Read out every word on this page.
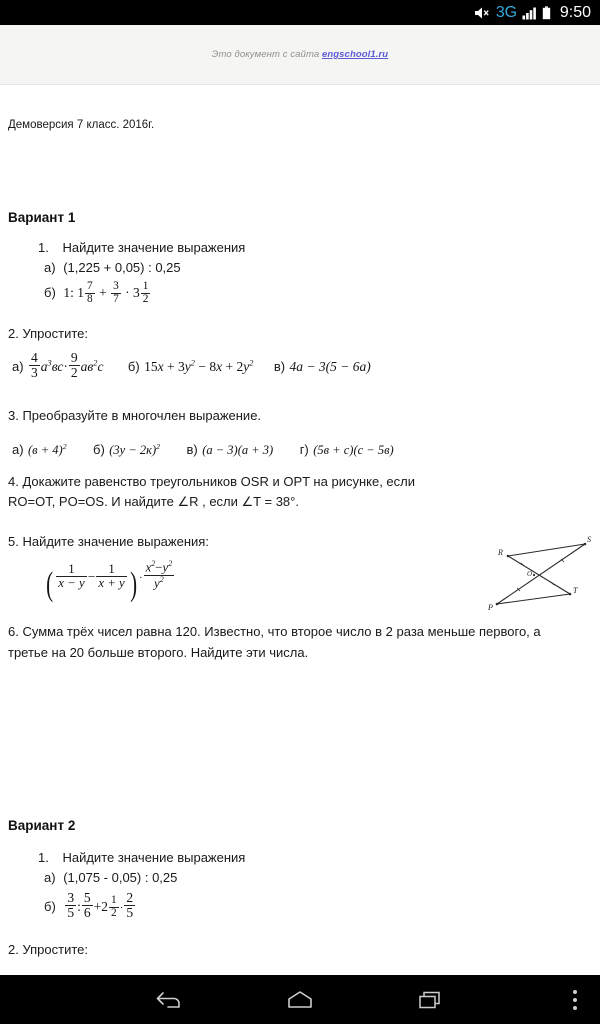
3G	9:50
Это документ с сайта engschool1.ru
Демоверсия 7 класс. 2016г.
Вариант 1
1. Найдите значение выражения
а) (1,225 + 0,05) : 0,25
б) 1: $1 \frac{7}{8} + \frac{3}{7} \cdot 3 \frac{1}{2}$
2. Упростите:
$а) \frac{4}{3} a^3вс\cdot \frac{9}{2} ав^2с$ б) $15x + 3y^2 - 8x + 2y^2$ в) 4a − 3(5 − 6a)
3. Преобразуйте в многочлен выражение.
а) $(в + 4)^2$ б) $(3у - 2к)^2$ в) (а − 3)(а + 3) г) (5в + с)(с − 5в)
4. Докажите равенство треугольников OSR и OPT на рисунке, если
RO=OT, PO=OS. И найдите ∠R , если ∠T = 38°.
R
S
P
T
O
5. Найдите значение выражения:
( $\frac{1}{x - y} - \frac{1}{x + y}$ ) · $\frac{x^2-y^2}{y^2}$
6. Сумма трёх чисел равна 120. Известно, что второе число в 2 раза меньше первого, а
третье на 20 больше второго. Найдите эти числа.
Вариант 2
1. Найдите значение выражения
а) (1,075 - 0,05) : 0,25
$б) \frac{3}{5}$ : $\frac{5}{6} +2 \frac{1}{2} \cdot \frac{2}{5}$
2. Упростите:
